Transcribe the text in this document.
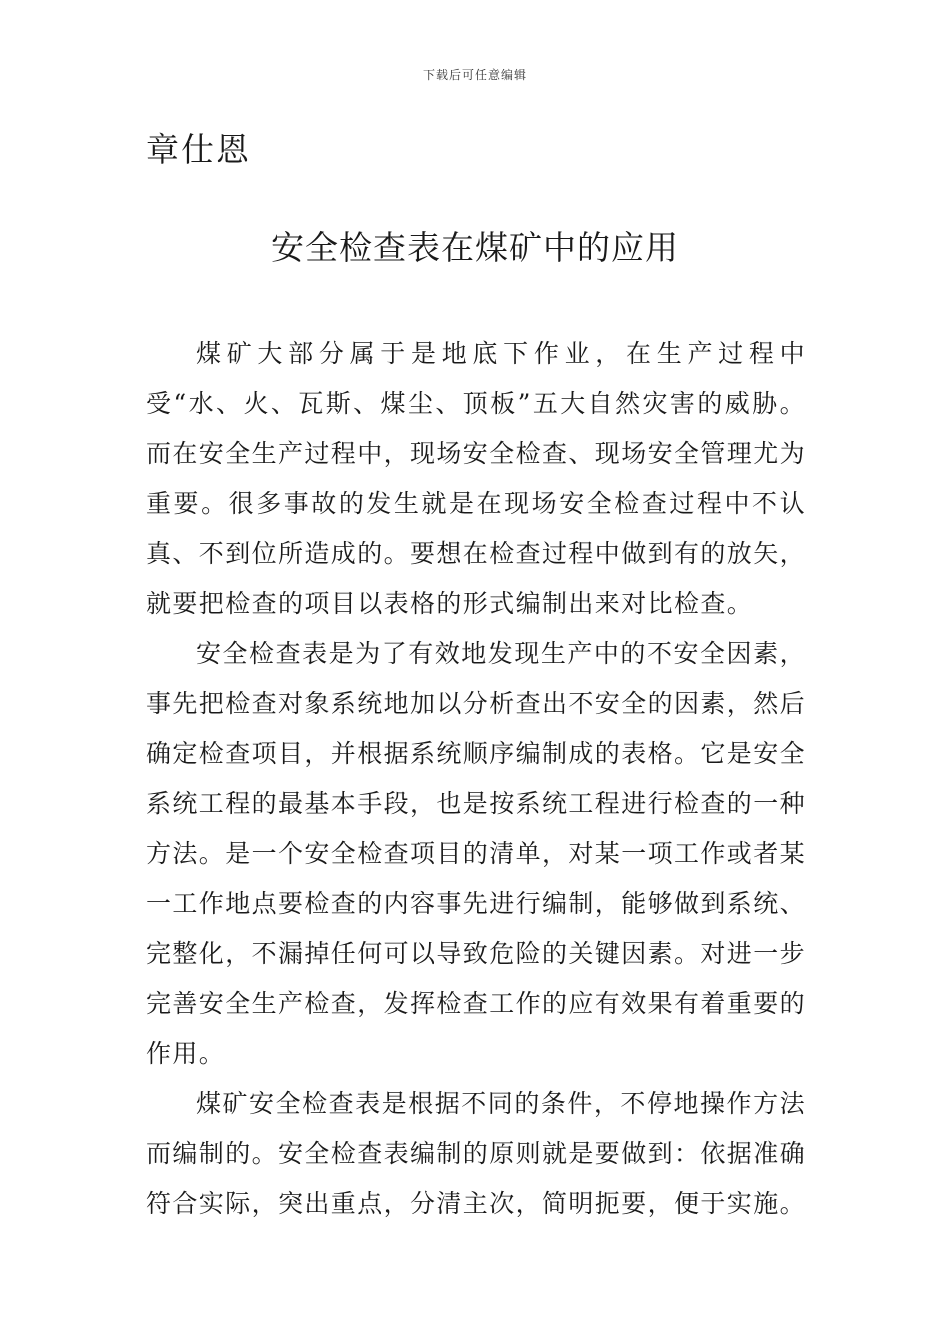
下载后可任意编辑
章仕恩
安全检查表在煤矿中的应用

煤矿大部分属于是地底下作业，在生产过程中受“水、火、瓦斯、煤尘、顶板”五大自然灾害的威胁。而在安全生产过程中，现场安全检查、现场安全管理尤为重要。很多事故的发生就是在现场安全检查过程中不认真、不到位所造成的。要想在检查过程中做到有的放矢，就要把检查的项目以表格的形式编制出来对比检查。

安全检查表是为了有效地发现生产中的不安全因素，事先把检查对象系统地加以分析查出不安全的因素，然后确定检查项目，并根据系统顺序编制成的表格。它是安全系统工程的最基本手段，也是按系统工程进行检查的一种方法。是一个安全检查项目的清单，对某一项工作或者某一工作地点要检查的内容事先进行编制，能够做到系统、完整化，不漏掉任何可以导致危险的关键因素。对进一步完善安全生产检查，发挥检查工作的应有效果有着重要的作用。

煤矿安全检查表是根据不同的条件，不停地操作方法而编制的。安全检查表编制的原则就是要做到：依据准确符合实际，突出重点，分清主次，简明扼要，便于实施。
